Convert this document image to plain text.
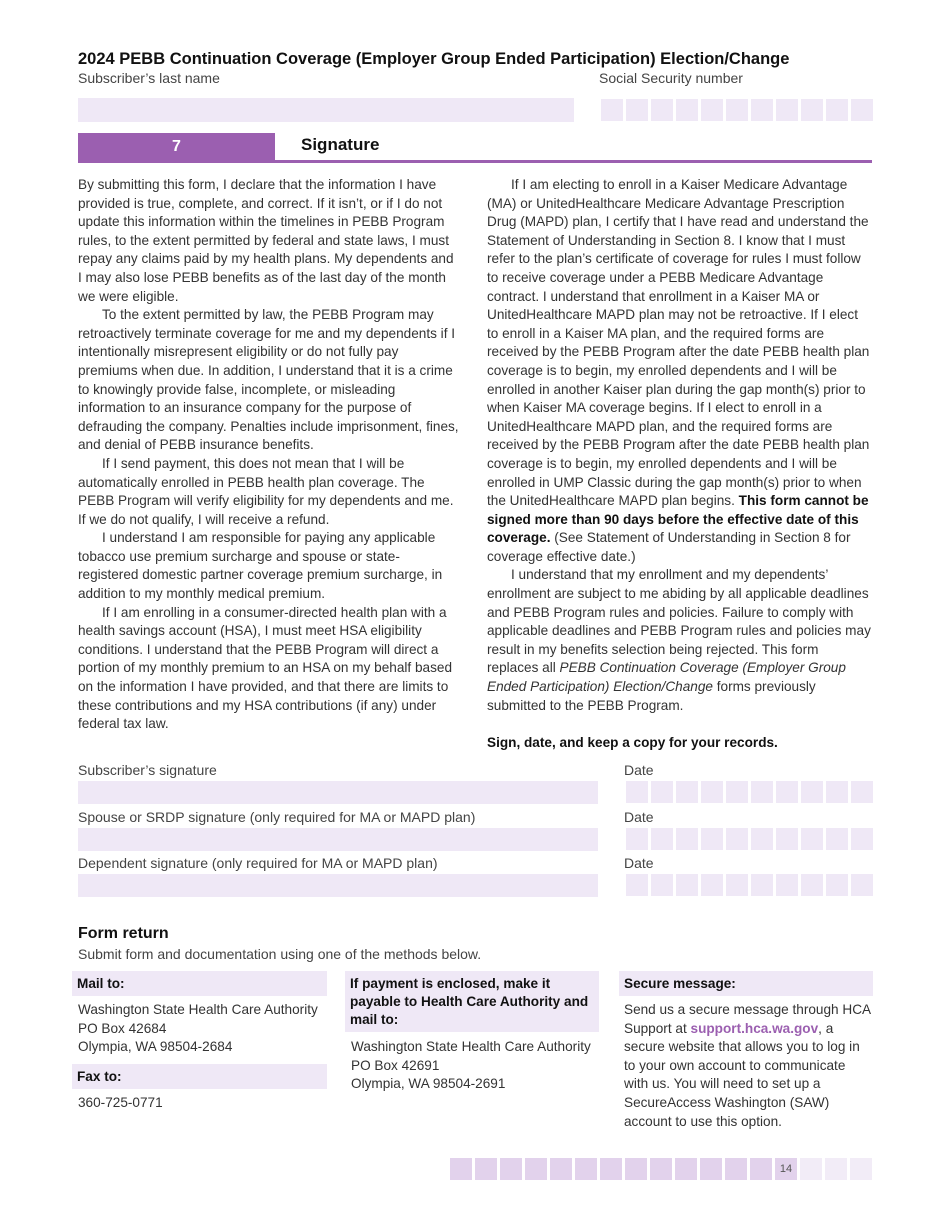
2024 PEBB Continuation Coverage (Employer Group Ended Participation) Election/Change
Subscriber’s last name	Social Security number
7	Signature

By submitting this form, I declare that the information I have provided is true, complete, and correct. If it isn’t, or if I do not update this information within the timelines in PEBB Program rules, to the extent permitted by federal and state laws, I must repay any claims paid by my health plans. My dependents and I may also lose PEBB benefits as of the last day of the month we were eligible.

To the extent permitted by law, the PEBB Program may retroactively terminate coverage for me and my dependents if I intentionally misrepresent eligibility or do not fully pay premiums when due. In addition, I understand that it is a crime to knowingly provide false, incomplete, or misleading information to an insurance company for the purpose of defrauding the company. Penalties include imprisonment, fines, and denial of PEBB insurance benefits.

If I send payment, this does not mean that I will be automatically enrolled in PEBB health plan coverage. The PEBB Program will verify eligibility for my dependents and me. If we do not qualify, I will receive a refund.

I understand I am responsible for paying any applicable tobacco use premium surcharge and spouse or state-registered domestic partner coverage premium surcharge, in addition to my monthly medical premium.

If I am enrolling in a consumer-directed health plan with a health savings account (HSA), I must meet HSA eligibility conditions. I understand that the PEBB Program will direct a portion of my monthly premium to an HSA on my behalf based on the information I have provided, and that there are limits to these contributions and my HSA contributions (if any) under federal tax law.

If I am electing to enroll in a Kaiser Medicare Advantage (MA) or UnitedHealthcare Medicare Advantage Prescription Drug (MAPD) plan, I certify that I have read and understand the Statement of Understanding in Section 8. I know that I must refer to the plan’s certificate of coverage for rules I must follow to receive coverage under a PEBB Medicare Advantage contract. I understand that enrollment in a Kaiser MA or UnitedHealthcare MAPD plan may not be retroactive. If I elect to enroll in a Kaiser MA plan, and the required forms are received by the PEBB Program after the date PEBB health plan coverage is to begin, my enrolled dependents and I will be enrolled in another Kaiser plan during the gap month(s) prior to when Kaiser MA coverage begins. If I elect to enroll in a UnitedHealthcare MAPD plan, and the required forms are received by the PEBB Program after the date PEBB health plan coverage is to begin, my enrolled dependents and I will be enrolled in UMP Classic during the gap month(s) prior to when the UnitedHealthcare MAPD plan begins. This form cannot be signed more than 90 days before the effective date of this coverage. (See Statement of Understanding in Section 8 for coverage effective date.)

I understand that my enrollment and my dependents’ enrollment are subject to me abiding by all applicable deadlines and PEBB Program rules and policies. Failure to comply with applicable deadlines and PEBB Program rules and policies may result in my benefits selection being rejected. This form replaces all PEBB Continuation Coverage (Employer Group Ended Participation) Election/Change forms previously submitted to the PEBB Program.

Sign, date, and keep a copy for your records.

Subscriber’s signature	Date
Spouse or SRDP signature (only required for MA or MAPD plan)	Date
Dependent signature (only required for MA or MAPD plan)	Date
Form return
Submit form and documentation using one of the methods below.
Mail to:
Washington State Health Care Authority
PO Box 42684
Olympia, WA 98504-2684
Fax to:
360-725-0771
If payment is enclosed, make it payable to Health Care Authority and mail to:
Washington State Health Care Authority
PO Box 42691
Olympia, WA 98504-2691
Secure message:
Send us a secure message through HCA Support at support.hca.wa.gov, a secure website that allows you to log in to your own account to communicate with us. You will need to set up a SecureAccess Washington (SAW) account to use this option.
14
